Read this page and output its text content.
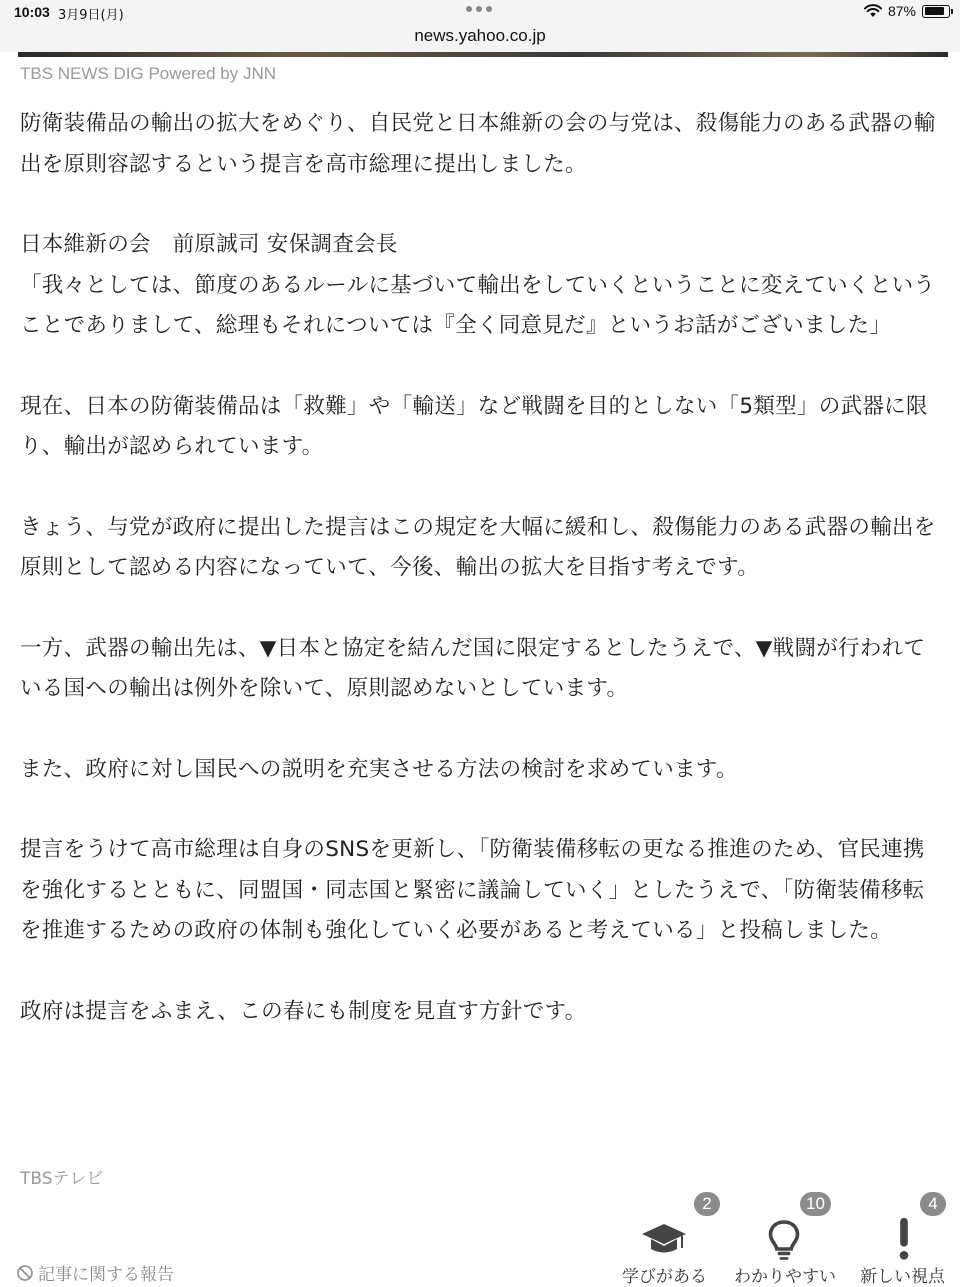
10:03 3月9日(月)	87%
news.yahoo.co.jp
TBS NEWS DIG Powered by JNN

防衛装備品の輸出の拡大をめぐり、自民党と日本維新の会の与党は、殺傷能力のある武器の輸出を原則容認するという提言を高市総理に提出しました。

日本維新の会　前原誠司 安保調査会長
「我々としては、節度のあるルールに基づいて輸出をしていくということに変えていくということでありまして、総理もそれについては『全く同意見だ』というお話がございました」

現在、日本の防衛装備品は「救難」や「輸送」など戦闘を目的としない「5類型」の武器に限り、輸出が認められています。

きょう、与党が政府に提出した提言はこの規定を大幅に緩和し、殺傷能力のある武器の輸出を原則として認める内容になっていて、今後、輸出の拡大を目指す考えです。

一方、武器の輸出先は、▼日本と協定を結んだ国に限定するとしたうえで、▼戦闘が行われている国への輸出は例外を除いて、原則認めないとしています。

また、政府に対し国民への説明を充実させる方法の検討を求めています。

提言をうけて高市総理は自身のSNSを更新し、「防衛装備移転の更なる推進のため、官民連携を強化するとともに、同盟国・同志国と緊密に議論していく」としたうえで、「防衛装備移転を推進するための政府の体制も強化していく必要があると考えている」と投稿しました。

政府は提言をふまえ、この春にも制度を見直す方針です。

TBSテレビ
記事に関する報告
2
学びがある
10
わかりやすい
4
新しい視点
